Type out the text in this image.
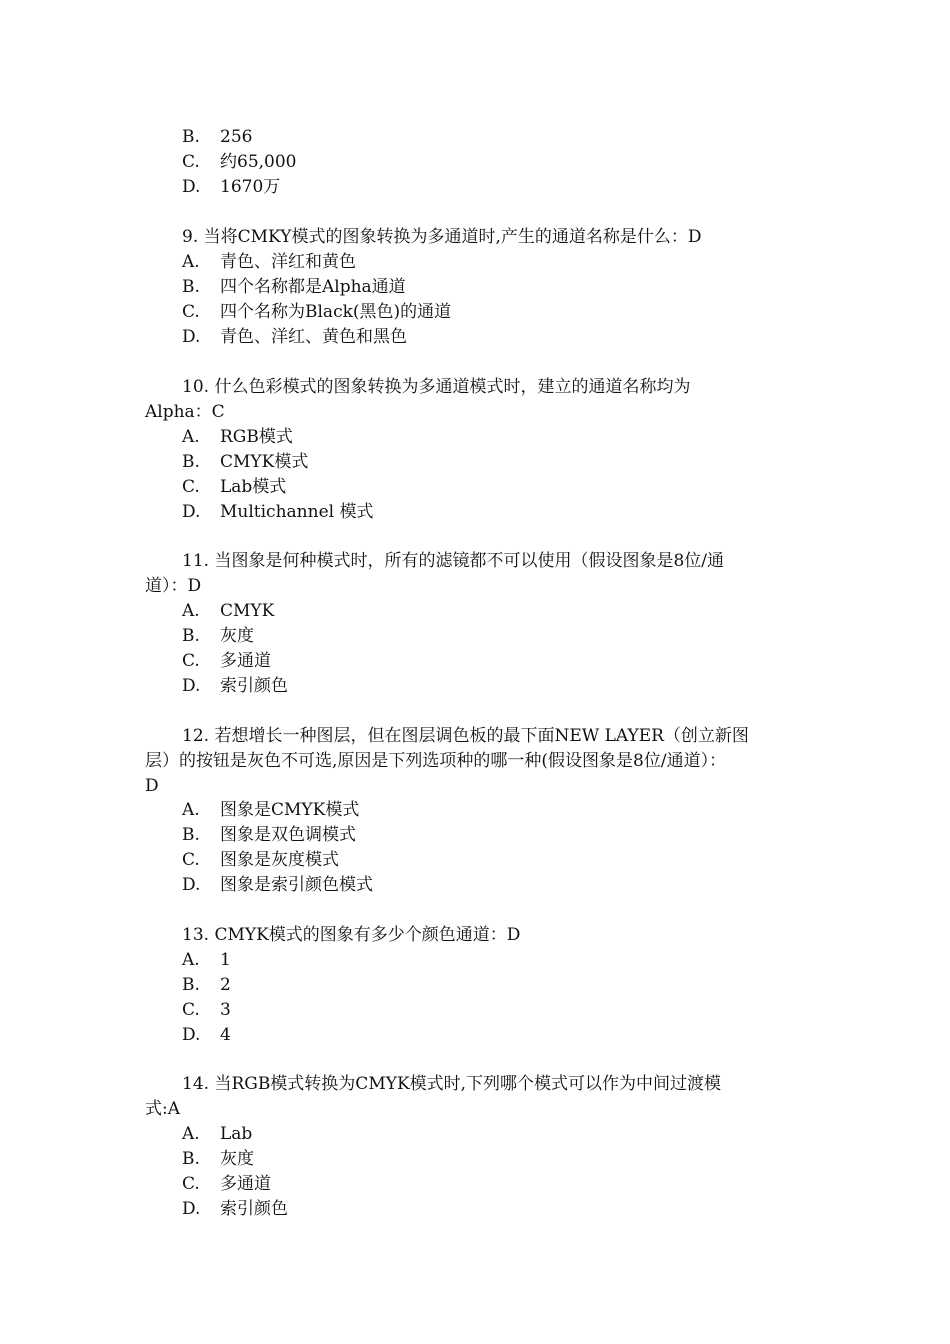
B. 256
C. 约65,000
D. 1670万
9. 当将CMKY模式的图象转换为多通道时,产生的通道名称是什么：D
A. 青色、洋红和黄色
B. 四个名称都是Alpha通道
C. 四个名称为Black(黑色)的通道
D. 青色、洋红、黄色和黑色
10. 什么色彩模式的图象转换为多通道模式时，建立的通道名称均为
Alpha：C
A. RGB模式
B. CMYK模式
C. Lab模式
D. Multichannel 模式
11. 当图象是何种模式时，所有的滤镜都不可以使用（假设图象是8位/通
道）：D
A. CMYK
B. 灰度
C. 多通道
D. 索引颜色
12. 若想增长一种图层，但在图层调色板的最下面NEW LAYER（创立新图
层）的按钮是灰色不可选,原因是下列选项种的哪一种(假设图象是8位/通道）：
D
A. 图象是CMYK模式
B. 图象是双色调模式
C. 图象是灰度模式
D. 图象是索引颜色模式
13. CMYK模式的图象有多少个颜色通道：D
A. 1
B. 2
C. 3
D. 4
14. 当RGB模式转换为CMYK模式时,下列哪个模式可以作为中间过渡模
式:A
A. Lab
B. 灰度
C. 多通道
D. 索引颜色
